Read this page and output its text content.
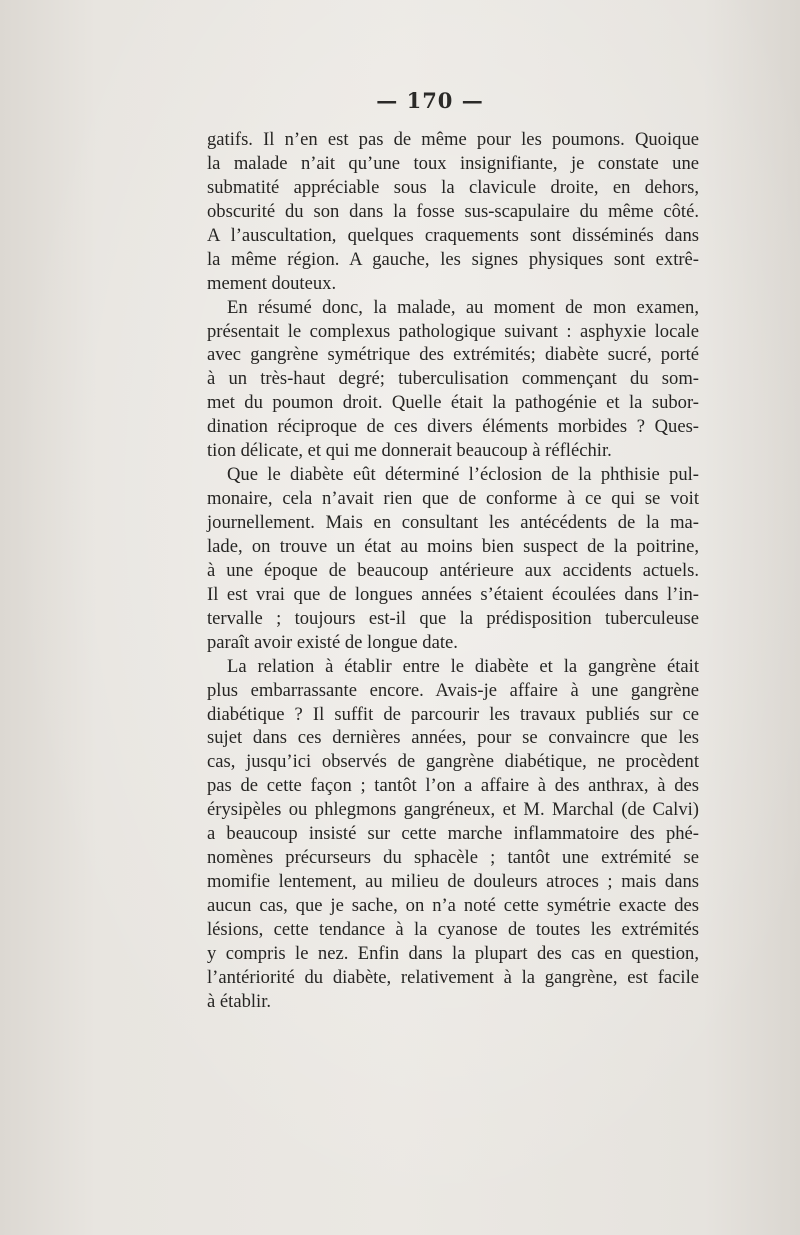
— 170 —
gatifs. Il n’en est pas de même pour les poumons. Quoique
la malade n’ait qu’une toux insignifiante, je constate une
submatité appréciable sous la clavicule droite, en dehors,
obscurité du son dans la fosse sus-scapulaire du même côté.
A l’auscultation, quelques craquements sont disséminés dans
la même région. A gauche, les signes physiques sont extrê-
mement douteux.
En résumé donc, la malade, au moment de mon examen,
présentait le complexus pathologique suivant : asphyxie locale
avec gangrène symétrique des extrémités; diabète sucré, porté
à un très-haut degré; tuberculisation commençant du som-
met du poumon droit. Quelle était la pathogénie et la subor-
dination réciproque de ces divers éléments morbides ? Ques-
tion délicate, et qui me donnerait beaucoup à réfléchir.
Que le diabète eût déterminé l’éclosion de la phthisie pul-
monaire, cela n’avait rien que de conforme à ce qui se voit
journellement. Mais en consultant les antécédents de la ma-
lade, on trouve un état au moins bien suspect de la poitrine,
à une époque de beaucoup antérieure aux accidents actuels.
Il est vrai que de longues années s’étaient écoulées dans l’in-
tervalle ; toujours est-il que la prédisposition tuberculeuse
paraît avoir existé de longue date.
La relation à établir entre le diabète et la gangrène était
plus embarrassante encore. Avais-je affaire à une gangrène
diabétique ? Il suffit de parcourir les travaux publiés sur ce
sujet dans ces dernières années, pour se convaincre que les
cas, jusqu’ici observés de gangrène diabétique, ne procèdent
pas de cette façon ; tantôt l’on a affaire à des anthrax, à des
érysipèles ou phlegmons gangréneux, et M. Marchal (de Calvi)
a beaucoup insisté sur cette marche inflammatoire des phé-
nomènes précurseurs du sphacèle ; tantôt une extrémité se
momifie lentement, au milieu de douleurs atroces ; mais dans
aucun cas, que je sache, on n’a noté cette symétrie exacte des
lésions, cette tendance à la cyanose de toutes les extrémités
y compris le nez. Enfin dans la plupart des cas en question,
l’antériorité du diabète, relativement à la gangrène, est facile
à établir.
